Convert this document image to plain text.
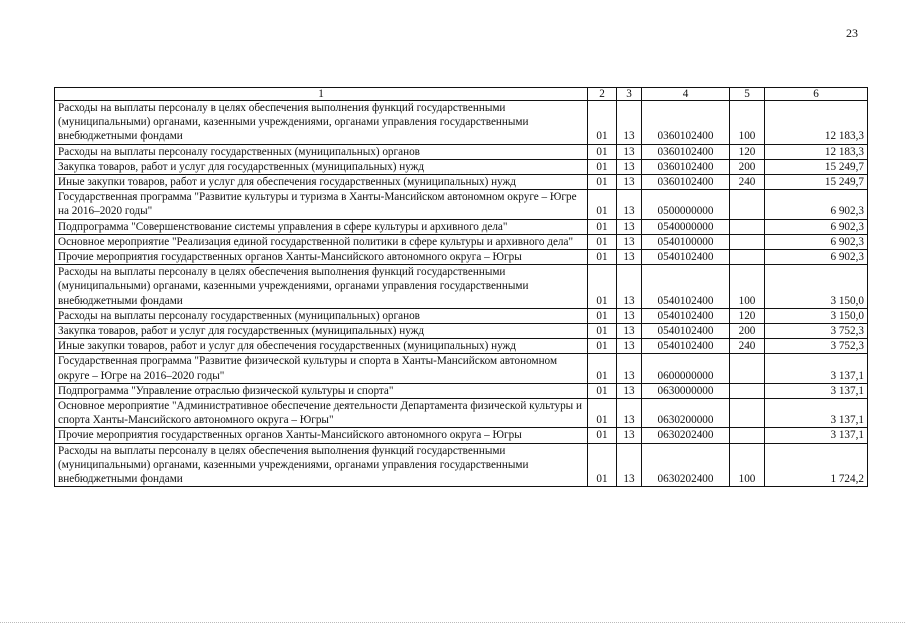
23
1	2	3	4	5	6
Расходы на выплаты персоналу в целях обеспечения выполнения функций государственными (муниципальными) органами, казенными учреждениями, органами управления государственными внебюджетными фондами	01	13	0360102400	100	12 183,3
Расходы на выплаты персоналу государственных (муниципальных) органов	01	13	0360102400	120	12 183,3
Закупка товаров, работ и услуг для государственных (муниципальных) нужд	01	13	0360102400	200	15 249,7
Иные закупки товаров, работ и услуг для обеспечения государственных (муниципальных) нужд	01	13	0360102400	240	15 249,7
Государственная программа "Развитие культуры и туризма в Ханты-Мансийском автономном округе – Югре на 2016–2020 годы"	01	13	0500000000		6 902,3
Подпрограмма "Совершенствование системы управления в сфере культуры и архивного дела"	01	13	0540000000		6 902,3
Основное мероприятие "Реализация единой государственной политики в сфере культуры и архивного дела"	01	13	0540100000		6 902,3
Прочие мероприятия государственных органов Ханты-Мансийского автономного округа – Югры	01	13	0540102400		6 902,3
Расходы на выплаты персоналу в целях обеспечения выполнения функций государственными (муниципальными) органами, казенными учреждениями, органами управления государственными внебюджетными фондами	01	13	0540102400	100	3 150,0
Расходы на выплаты персоналу государственных (муниципальных) органов	01	13	0540102400	120	3 150,0
Закупка товаров, работ и услуг для государственных (муниципальных) нужд	01	13	0540102400	200	3 752,3
Иные закупки товаров, работ и услуг для обеспечения государственных (муниципальных) нужд	01	13	0540102400	240	3 752,3
Государственная программа "Развитие физической культуры и спорта в Ханты-Мансийском автономном округе – Югре на 2016–2020 годы"	01	13	0600000000		3 137,1
Подпрограмма "Управление отраслью физической культуры и спорта"	01	13	0630000000		3 137,1
Основное мероприятие "Административное обеспечение деятельности Департамента физической культуры и спорта Ханты-Мансийского автономного округа – Югры"	01	13	0630200000		3 137,1
Прочие мероприятия государственных органов Ханты-Мансийского автономного округа – Югры	01	13	0630202400		3 137,1
Расходы на выплаты персоналу в целях обеспечения выполнения функций государственными (муниципальными) органами, казенными учреждениями, органами управления государственными внебюджетными фондами	01	13	0630202400	100	1 724,2
